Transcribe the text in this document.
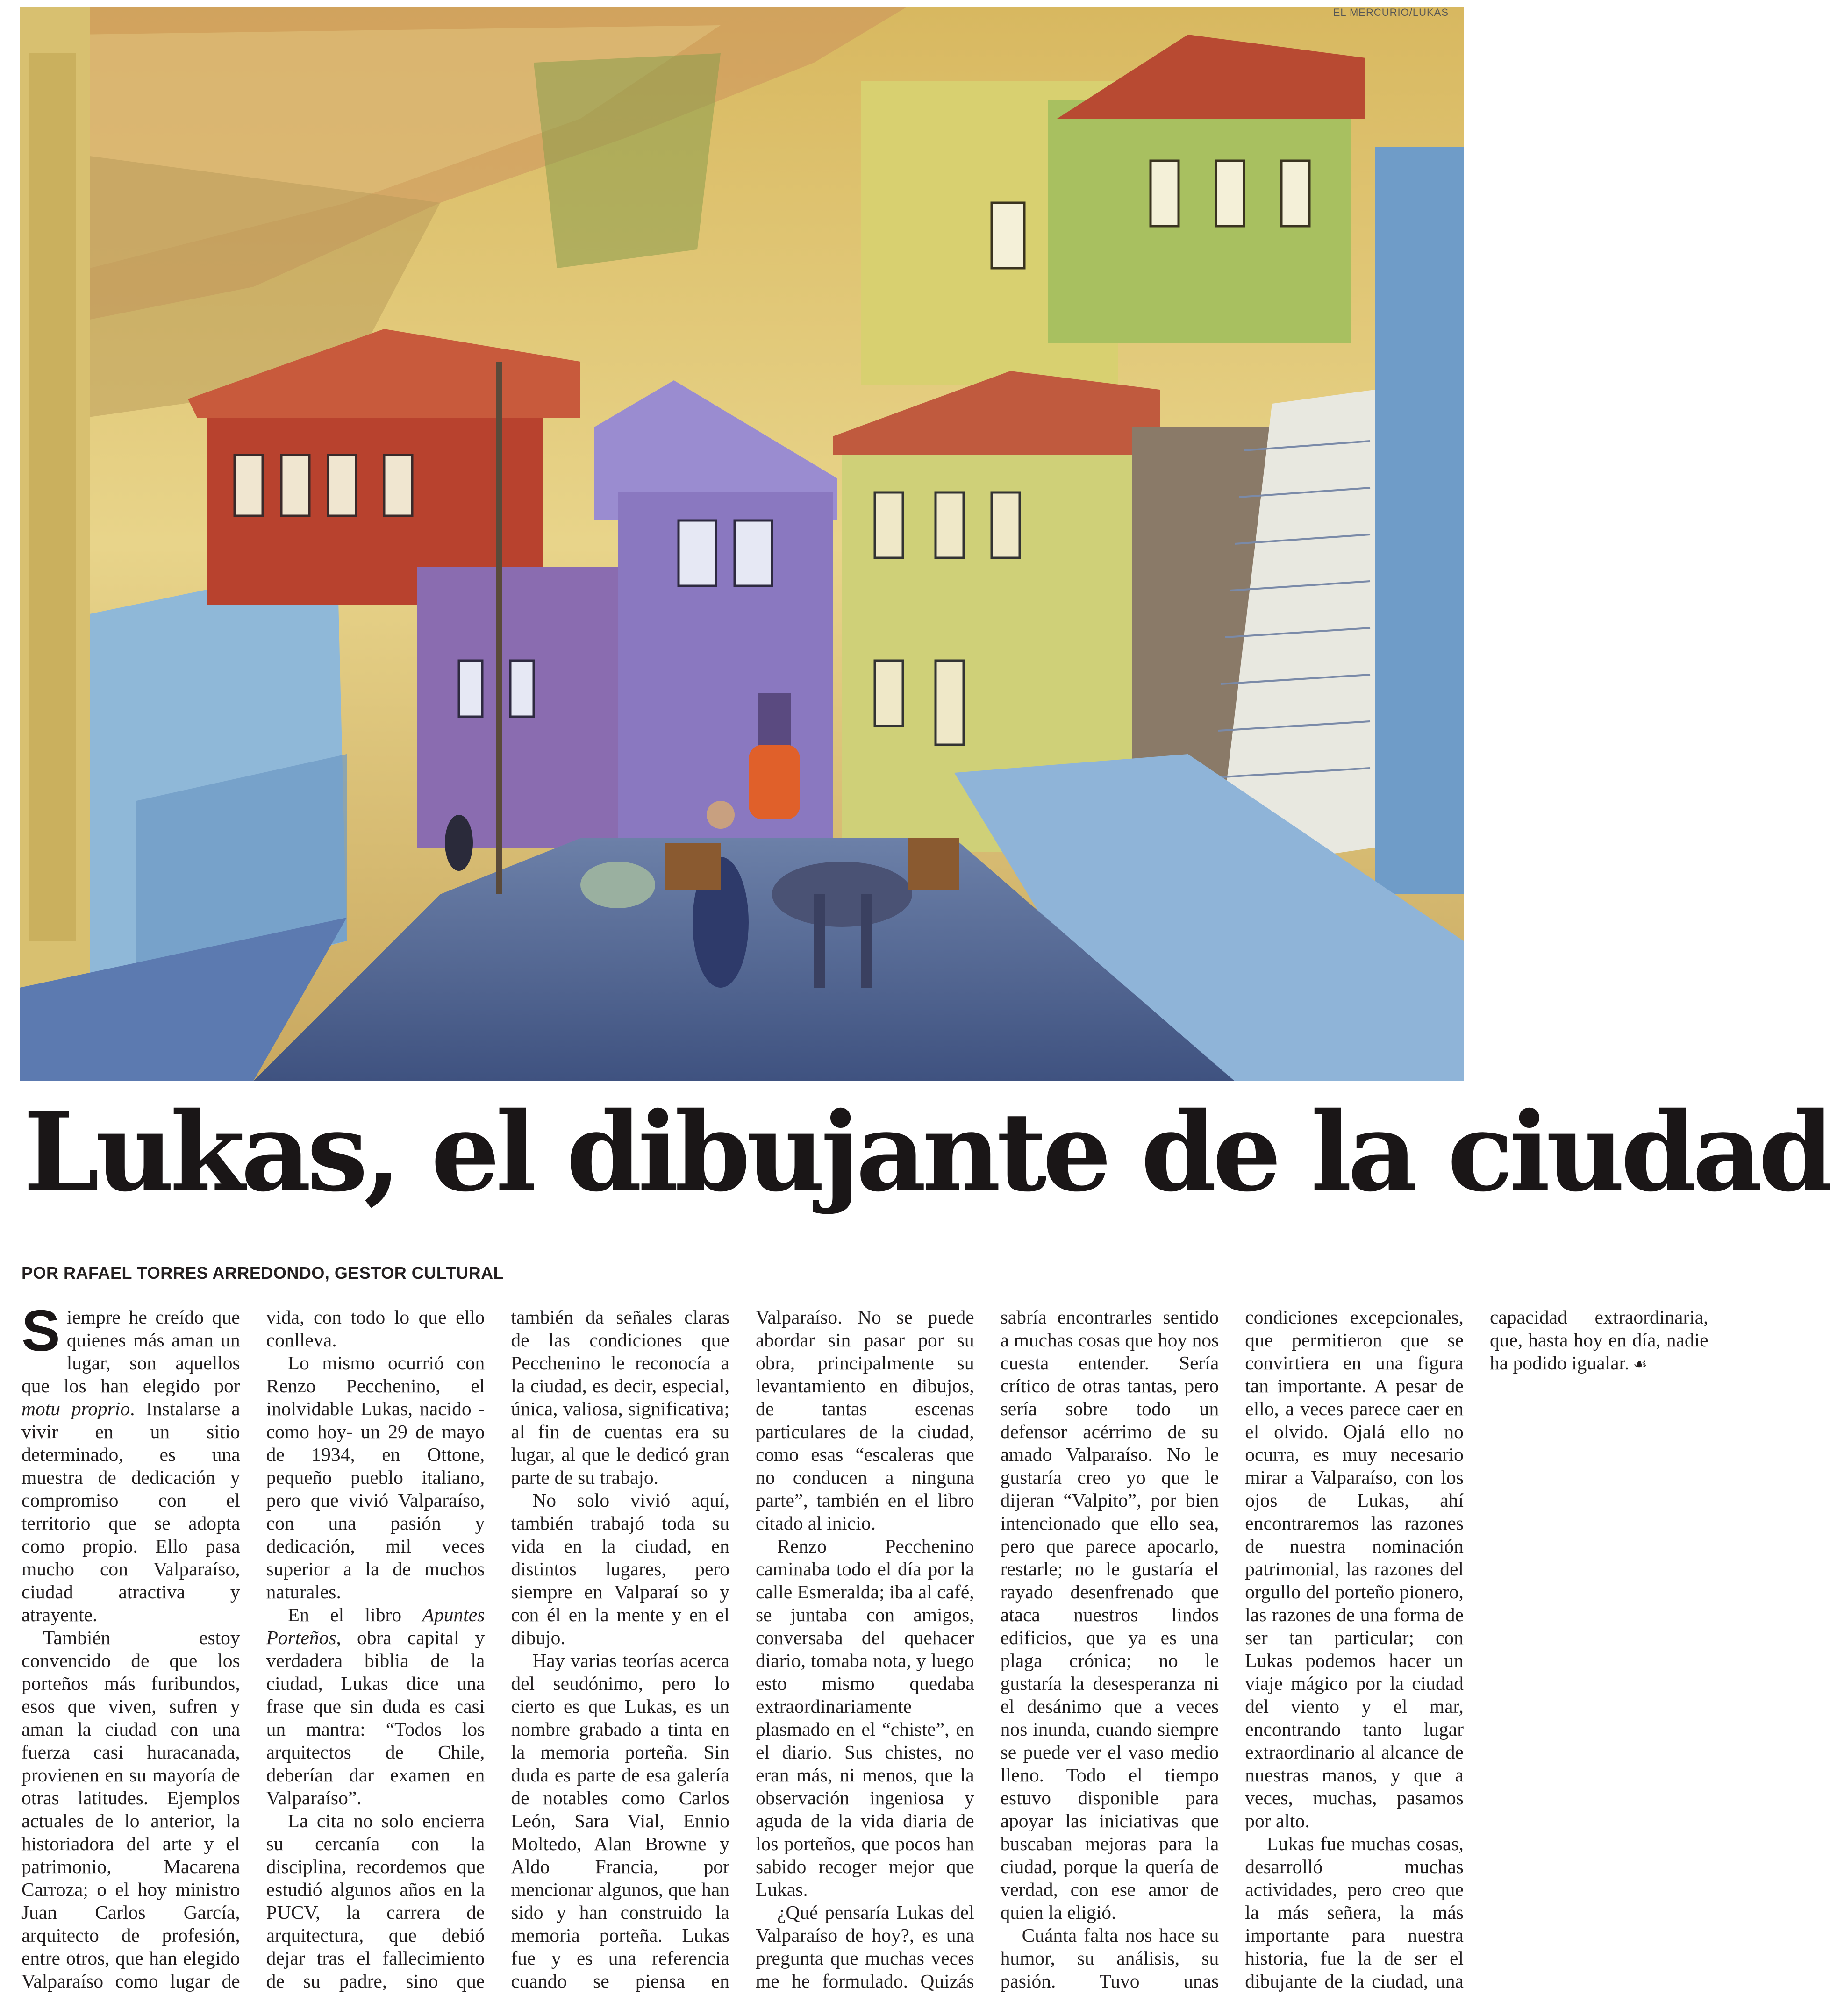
EL MERCURIO/LUKAS
Lukas, el dibujante de la ciudad

POR RAFAEL TORRES ARREDONDO, GESTOR CULTURAL

Siempre he creído que quienes más aman un lugar, son aquellos que los han elegido por motu proprio. Instalarse a vivir en un sitio determinado, es una muestra de dedicación y compromiso con el territorio que se adopta como propio. Ello pasa mucho con Valparaíso, ciudad atractiva y atrayente.

También estoy convencido de que los porteños más furibundos, esos que viven, sufren y aman la ciudad con una fuerza casi huracanada, provienen en su mayoría de otras latitudes. Ejemplos actuales de lo anterior, la historiadora del arte y el patrimonio, Macarena Carroza; o el hoy ministro Juan Carlos García, arquitecto de profesión, entre otros, que han elegido Valparaíso como lugar de vida, con todo lo que ello conlleva.

Lo mismo ocurrió con Renzo Pecchenino, el inolvidable Lukas, nacido -como hoy- un 29 de mayo de 1934, en Ottone, pequeño pueblo italiano, pero que vivió Valparaíso, con una pasión y dedicación, mil veces superior a la de muchos naturales.

En el libro Apuntes Porteños, obra capital y verdadera biblia de la ciudad, Lukas dice una frase que sin duda es casi un mantra: “Todos los arquitectos de Chile, deberían dar examen en Valparaíso”.

La cita no solo encierra su cercanía con la disciplina, recordemos que estudió algunos años en la PUCV, la carrera de arquitectura, que debió dejar tras el fallecimiento de su padre, sino que también da señales claras de las condiciones que Pecchenino le reconocía a la ciudad, es decir, especial, única, valiosa, significativa; al fin de cuentas era su lugar, al que le dedicó gran parte de su trabajo.

No solo vivió aquí, también trabajó toda su vida en la ciudad, en distintos lugares, pero siempre en Valparaí so y con él en la mente y en el dibujo.

Hay varias teorías acerca del seudónimo, pero lo cierto es que Lukas, es un nombre grabado a tinta en la memoria porteña. Sin duda es parte de esa galería de notables como Carlos León, Sara Vial, Ennio Moltedo, Alan Browne y Aldo Francia, por mencionar algunos, que han sido y han construido la memoria porteña. Lukas fue y es una referencia cuando se piensa en Valparaíso. No se puede abordar sin pasar por su obra, principalmente su levantamiento en dibujos, de tantas escenas particulares de la ciudad, como esas “escaleras que no conducen a ninguna parte”, también en el libro citado al inicio.

Renzo Pecchenino caminaba todo el día por la calle Esmeralda; iba al café, se juntaba con amigos, conversaba del quehacer diario, tomaba nota, y luego esto mismo quedaba extraordinariamente plasmado en el “chiste”, en el diario. Sus chistes, no eran más, ni menos, que la observación ingeniosa y aguda de la vida diaria de los porteños, que pocos han sabido recoger mejor que Lukas.

¿Qué pensaría Lukas del Valparaíso de hoy?, es una pregunta que muchas veces me he formulado. Quizás sabría encontrarles sentido a muchas cosas que hoy nos cuesta entender. Sería crítico de otras tantas, pero sería sobre todo un defensor acérrimo de su amado Valparaíso. No le gustaría creo yo que le dijeran “Valpito”, por bien intencionado que ello sea, pero que parece apocarlo, restarle; no le gustaría el rayado desenfrenado que ataca nuestros lindos edificios, que ya es una plaga crónica; no le gustaría la desesperanza ni el desánimo que a veces nos inunda, cuando siempre se puede ver el vaso medio lleno. Todo el tiempo estuvo disponible para apoyar las iniciativas que buscaban mejoras para la ciudad, porque la quería de verdad, con ese amor de quien la eligió.

Cuánta falta nos hace su humor, su análisis, su pasión. Tuvo unas condiciones excepcionales, que permitieron que se convirtiera en una figura tan importante. A pesar de ello, a veces parece caer en el olvido. Ojalá ello no ocurra, es muy necesario mirar a Valparaíso, con los ojos de Lukas, ahí encontraremos las razones de nuestra nominación patrimonial, las razones del orgullo del porteño pionero, las razones de una forma de ser tan particular; con Lukas podemos hacer un viaje mágico por la ciudad del viento y el mar, encontrando tanto lugar extraordinario al alcance de nuestras manos, y que a veces, muchas, pasamos por alto.

Lukas fue muchas cosas, desarrolló muchas actividades, pero creo que la más señera, la más importante para nuestra historia, fue la de ser el dibujante de la ciudad, una capacidad extraordinaria, que, hasta hoy en día, nadie ha podido igualar. ☙
